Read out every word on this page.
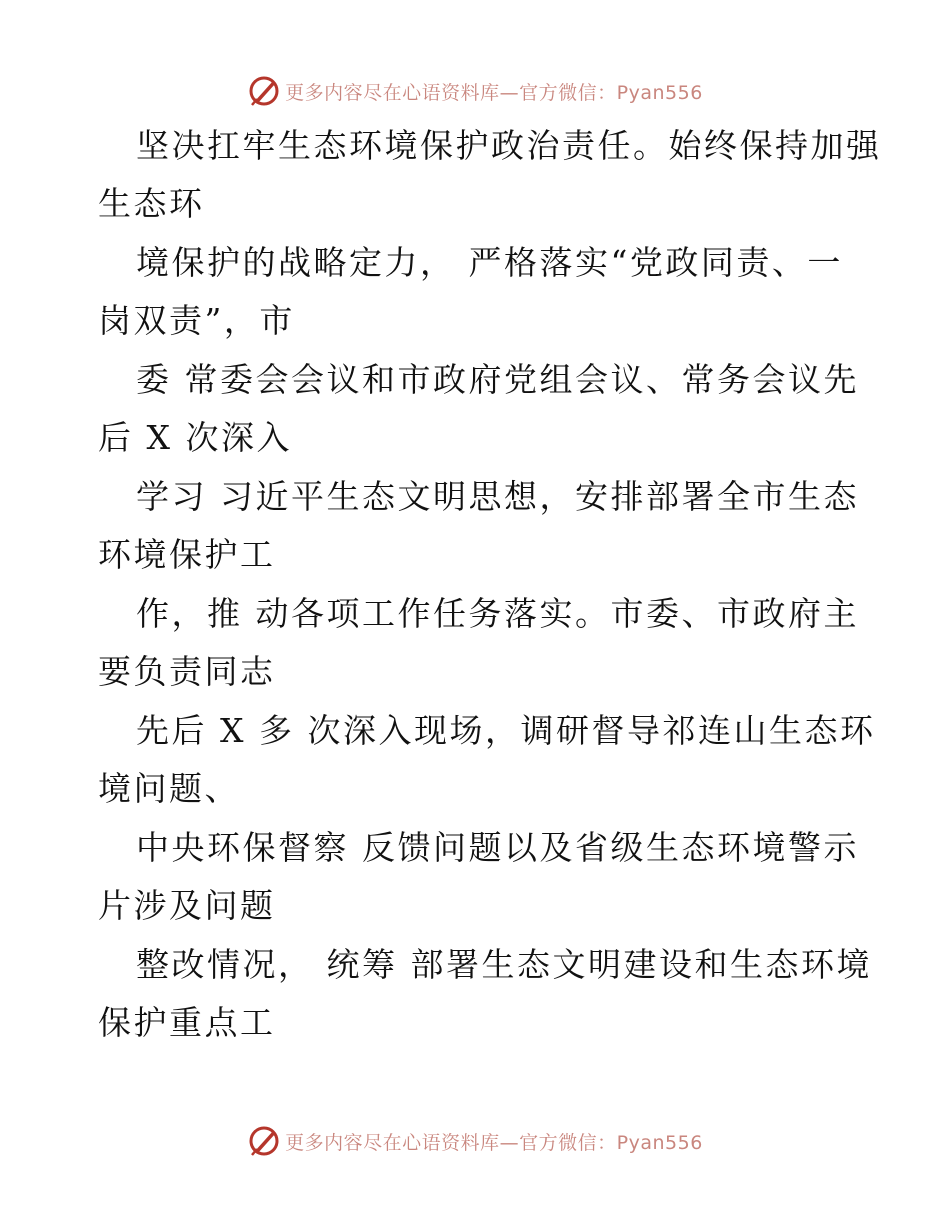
更多内容尽在心语资料库—官方微信：Pyan556
坚决扛牢生态环境保护政治责任。始终保持加强
生态环
境保护的战略定力， 严格落实“党政同责、一
岗双责”，市
委 常委会会议和市政府党组会议、常务会议先
后 X 次深入
学习 习近平生态文明思想，安排部署全市生态
环境保护工
作，推 动各项工作任务落实。市委、市政府主
要负责同志
先后 X 多 次深入现场，调研督导祁连山生态环
境问题、
中央环保督察 反馈问题以及省级生态环境警示
片涉及问题
整改情况， 统筹 部署生态文明建设和生态环境
保护重点工
更多内容尽在心语资料库—官方微信：Pyan556
